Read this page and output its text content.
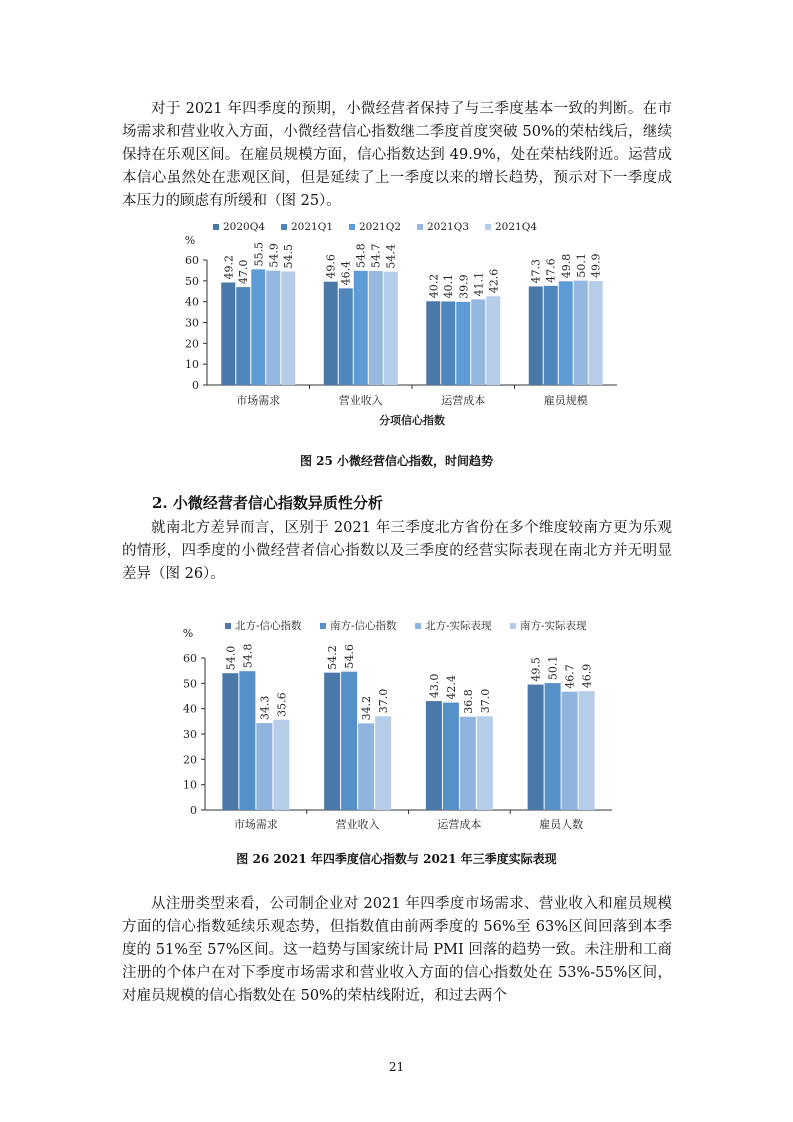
对于 2021 年四季度的预期，小微经营者保持了与三季度基本一致的判断。在市场需求和营业收入方面，小微经营信心指数继二季度首度突破 50%的荣枯线后，继续保持在乐观区间。在雇员规模方面，信心指数达到 49.9%，处在荣枯线附近。运营成本信心虽然处在悲观区间，但是延续了上一季度以来的增长趋势，预示对下一季度成本压力的顾虑有所缓和（图 25）。

0
10
20
30
40
50
60
%
市场需求
49.2 47.0
55.5 54.9 54.5
营业收入
49.6 46.4
54.8 54.7 54.4
运营成本
40.2 40.1 39.9 41.1 42.6
雇员规模
47.3 47.6 49.8 50.1 49.9
2020Q4 2021Q1 2021Q2 2021Q3 2021Q4
分项信心指数

图 25 小微经营信心指数，时间趋势

2. 小微经营者信心指数异质性分析

就南北方差异而言，区别于 2021 年三季度北方省份在多个维度较南方更为乐观的情形，四季度的小微经营者信心指数以及三季度的经营实际表现在南北方并无明显差异（图 26）。

0
10
20
30
40
50
60
%
市场需求
54.0 54.8
34.3 35.6
营业收入
54.2 54.6
34.2 37.0
运营成本
43.0 42.4
36.8 37.0
雇员人数
49.5 50.1 46.7 46.9
北方-信心指数	南方-信心指数	北方-实际表现	南方-实际表现

图 26 2021 年四季度信心指数与 2021 年三季度实际表现

从注册类型来看，公司制企业对 2021 年四季度市场需求、营业收入和雇员规模方面的信心指数延续乐观态势，但指数值由前两季度的 56%至 63%区间回落到本季度的 51%至 57%区间。这一趋势与国家统计局 PMI 回落的趋势一致。未注册和工商注册的个体户在对下季度市场需求和营业收入方面的信心指数处在 53%-55%区间，对雇员规模的信心指数处在 50%的荣枯线附近，和过去两个

21
